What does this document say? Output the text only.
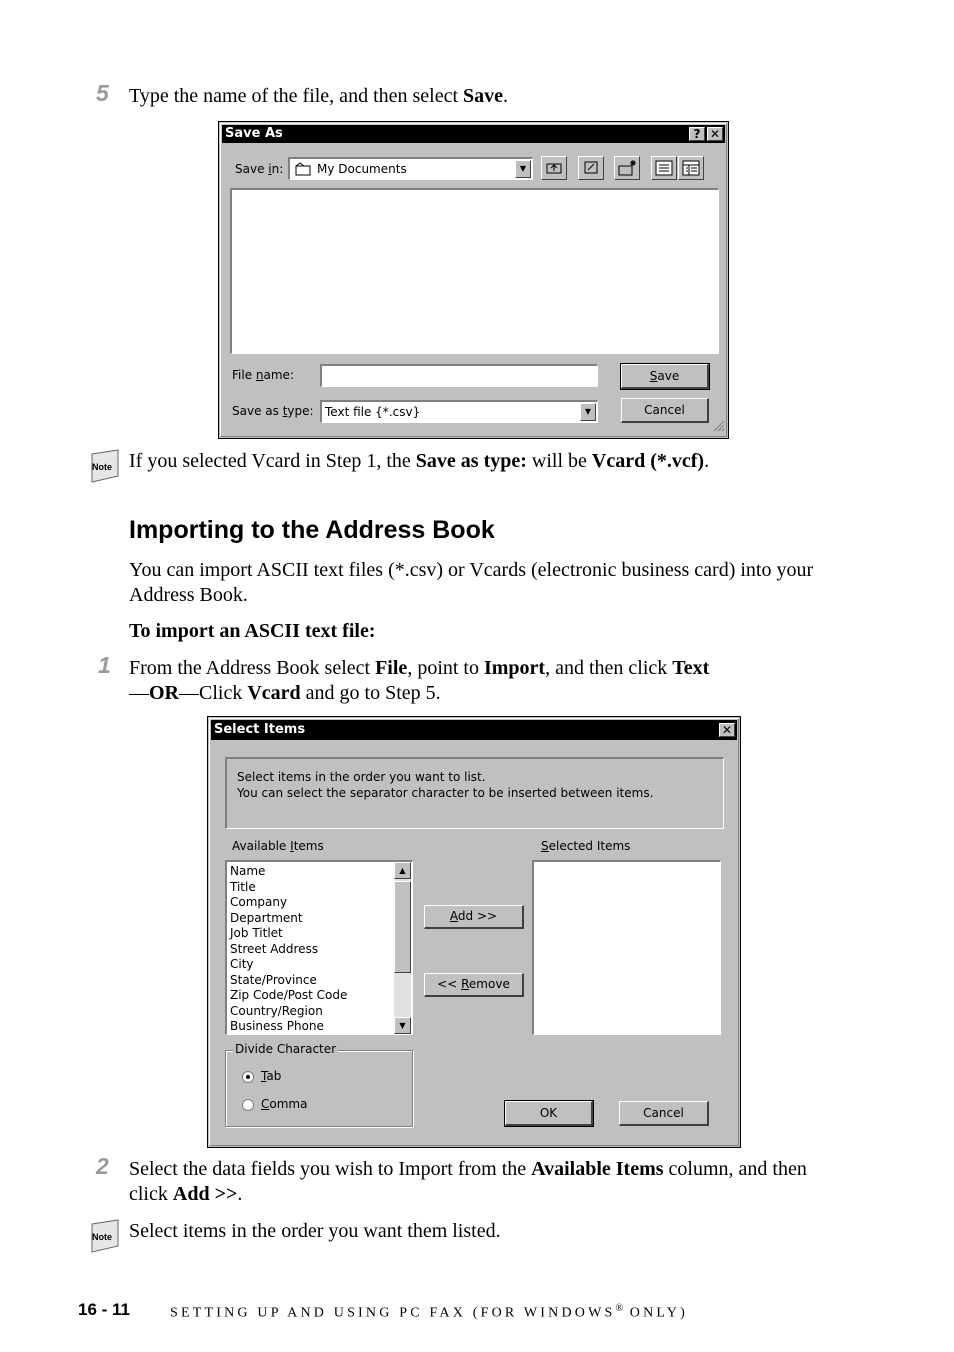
5 Type the name of the file, and then select Save.
Save As	? ✕
Save in:	My Documents	▼
File name:
Save as type: Text file {*.csv}	▼
Save
Cancel
Note If you selected Vcard in Step 1, the Save as type: will be Vcard (*.vcf).
Importing to the Address Book
You can import ASCII text files (*.csv) or Vcards (electronic business card) into your Address Book.
To import an ASCII text file:
1 From the Address Book select File, point to Import, and then click Text
—OR—Click Vcard and go to Step 5.
Select Items	✕
Select items in the order you want to list.
You can select the separator character to be inserted between items.
Available Items	Selected Items
Name
Title
Company
Department
Job Titlet
Street Address
City
State/Province
Zip Code/Post Code
Country/Region
Business Phone
▲
▼
Add >>
<< Remove
Divide Character
Tab
Comma
OK	Cancel
2 Select the data fields you wish to Import from the Available Items column, and then click Add >>.
Note Select items in the order you want them listed.
16 - 11	SETTING UP AND USING PC FAX (FOR WINDOWS® ONLY)
